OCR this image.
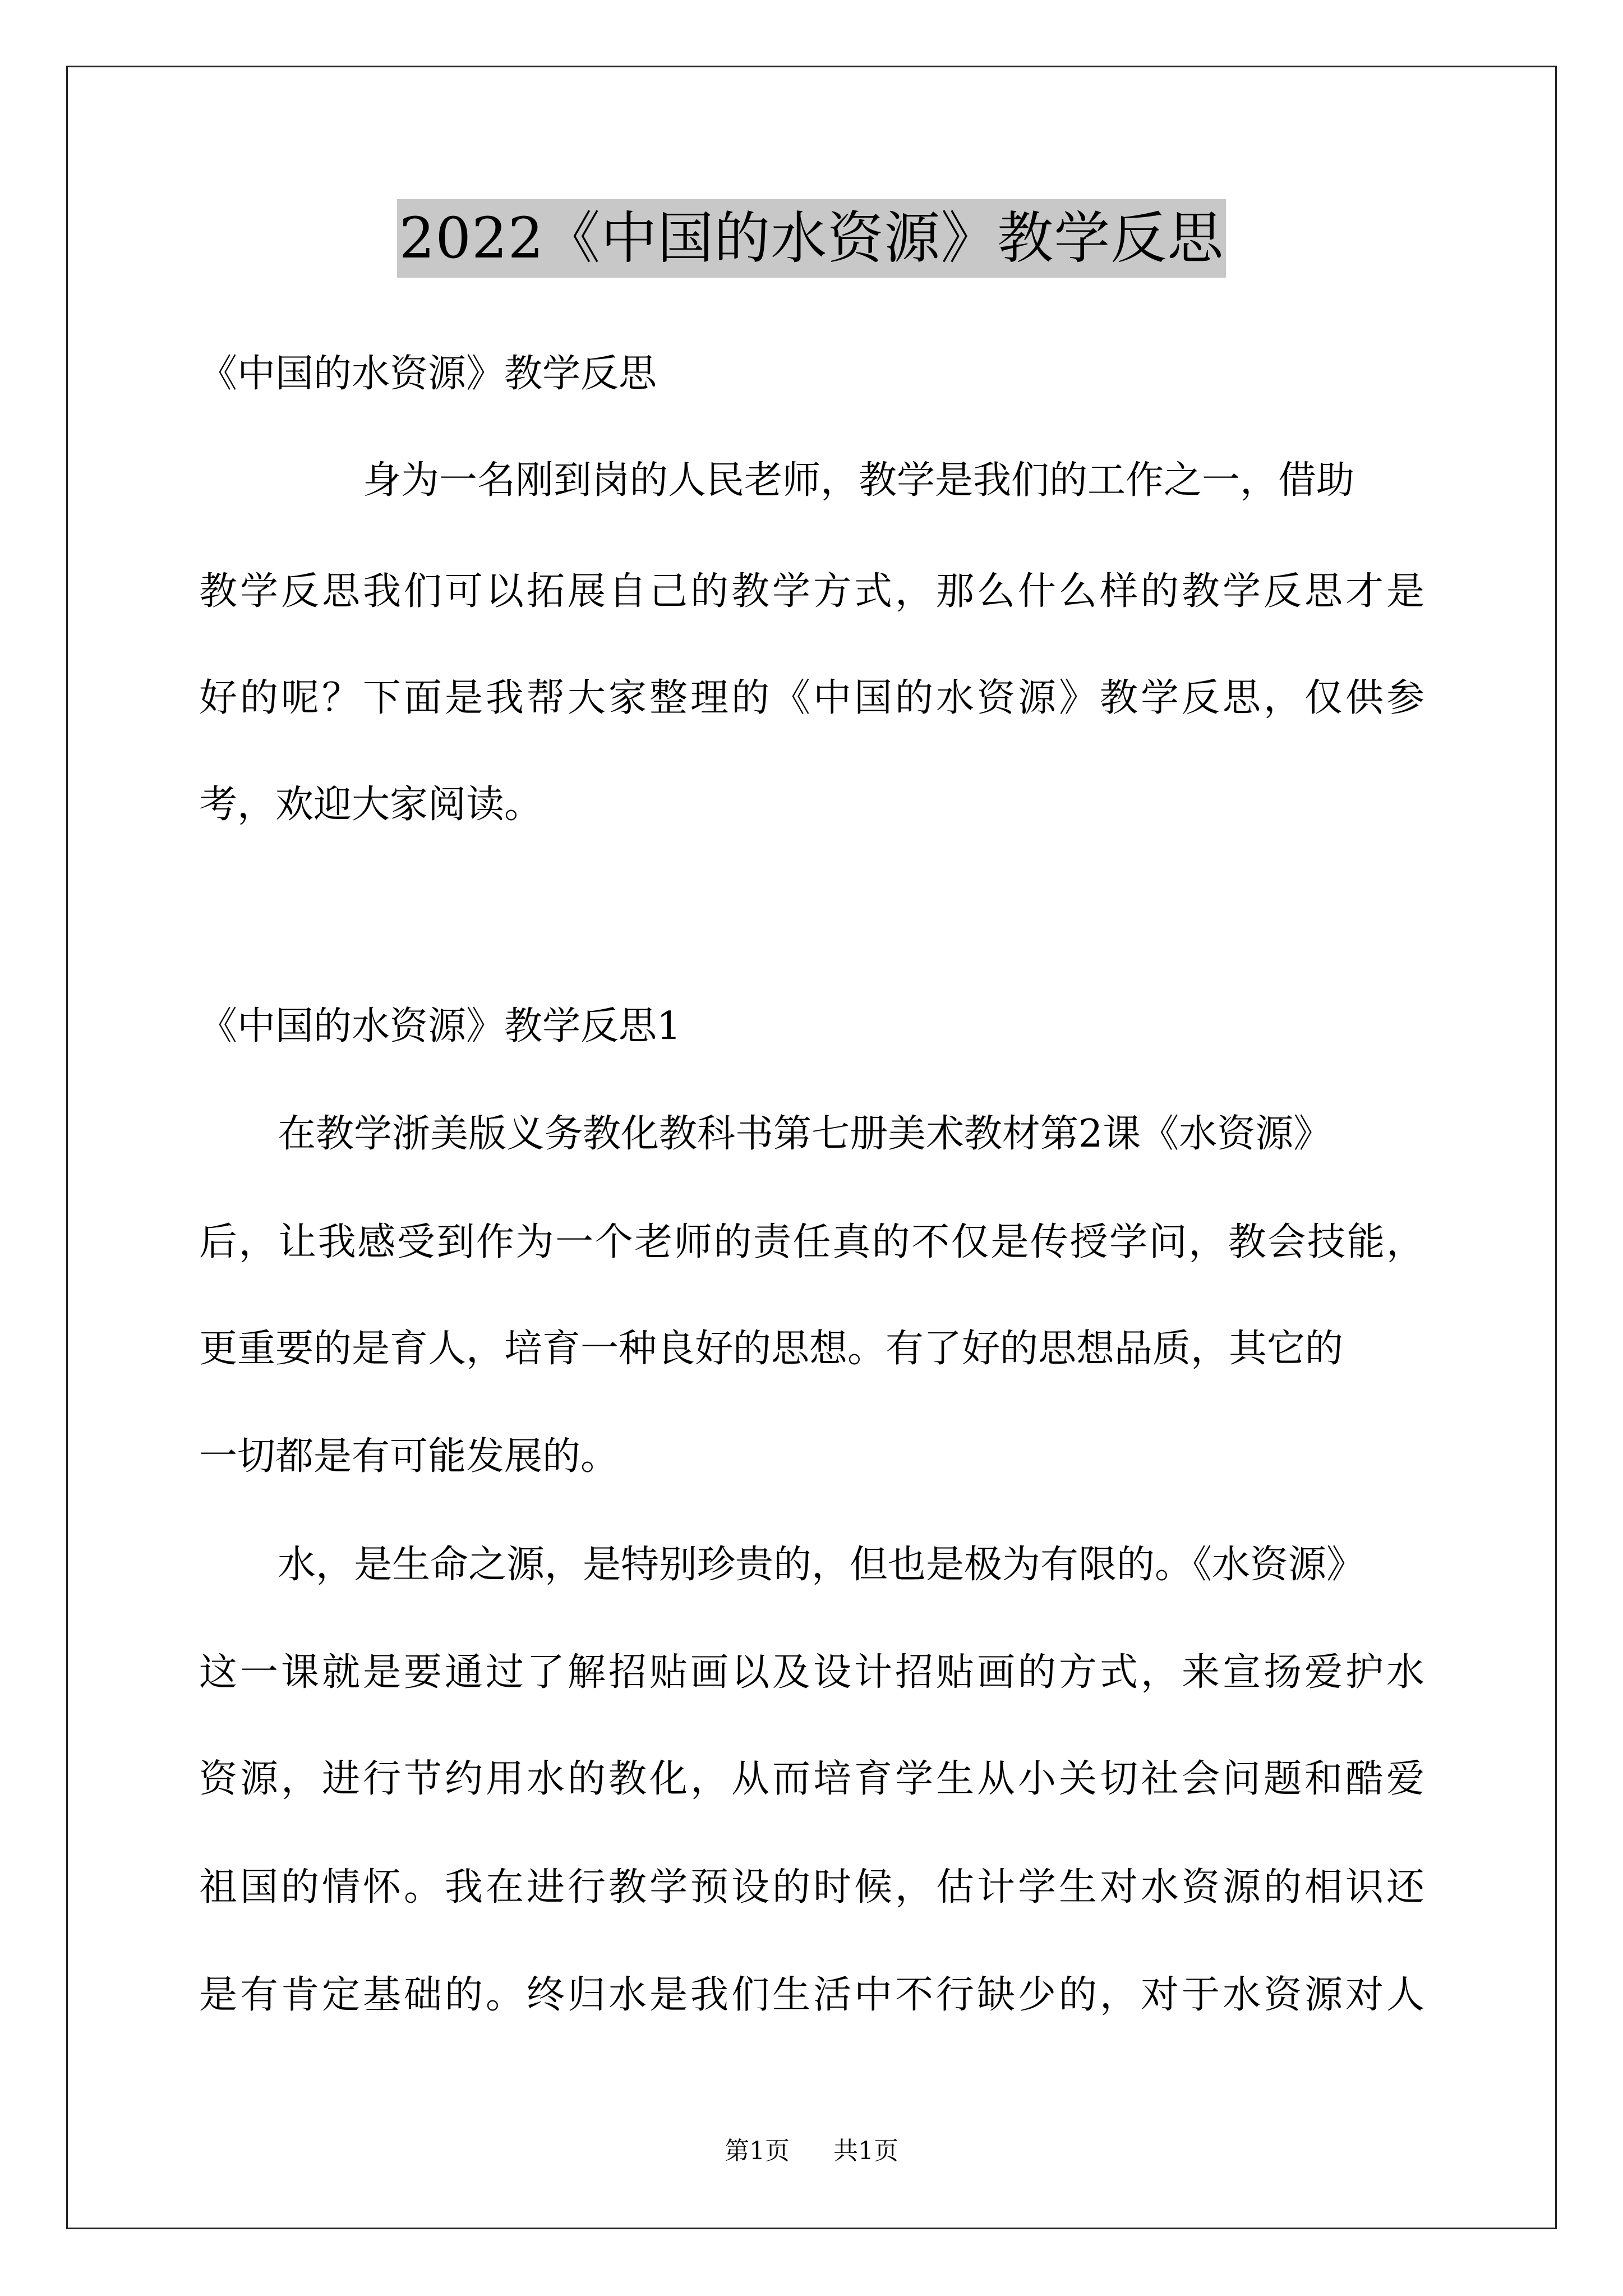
2022《中国的水资源》教学反思
《中国的水资源》教学反思
身为一名刚到岗的人民老师，教学是我们的工作之一，借助
教学反思我们可以拓展自己的教学方式，那么什么样的教学反思才是
好的呢？下面是我帮大家整理的《中国的水资源》教学反思，仅供参
考，欢迎大家阅读。
《中国的水资源》教学反思1
在教学浙美版义务教化教科书第七册美术教材第2课《水资源》
后，让我感受到作为一个老师的责任真的不仅是传授学问，教会技能，
更重要的是育人，培育一种良好的思想。有了好的思想品质，其它的
一切都是有可能发展的。
水，是生命之源，是特别珍贵的，但也是极为有限的。《水资源》
这一课就是要通过了解招贴画以及设计招贴画的方式，来宣扬爱护水
资源，进行节约用水的教化，从而培育学生从小关切社会问题和酷爱
祖国的情怀。我在进行教学预设的时候，估计学生对水资源的相识还
是有肯定基础的。终归水是我们生活中不行缺少的，对于水资源对人
第1页 共1页
